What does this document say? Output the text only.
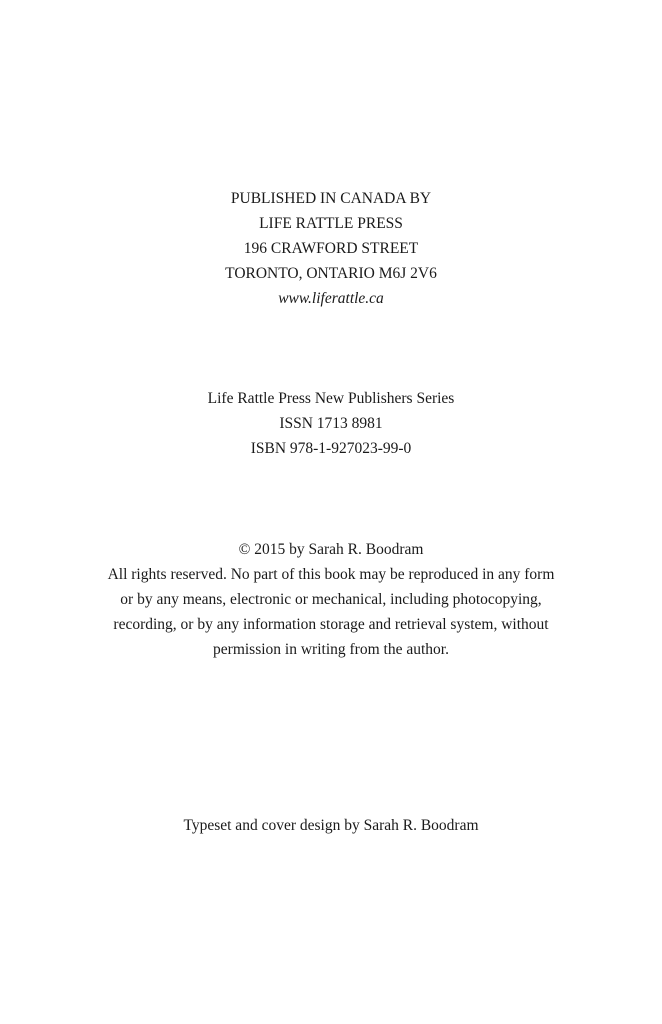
PUBLISHED IN CANADA BY
LIFE RATTLE PRESS
196 CRAWFORD STREET
TORONTO, ONTARIO M6J 2V6
www.liferattle.ca
Life Rattle Press New Publishers Series
ISSN 1713 8981
ISBN 978-1-927023-99-0
© 2015 by Sarah R. Boodram
All rights reserved. No part of this book may be reproduced in any form
or by any means, electronic or mechanical, including photocopying,
recording, or by any information storage and retrieval system, without
permission in writing from the author.
Typeset and cover design by Sarah R. Boodram
